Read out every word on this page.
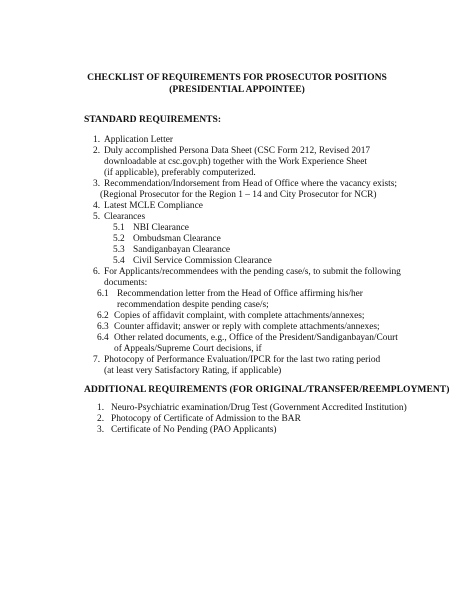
CHECKLIST OF REQUIREMENTS FOR PROSECUTOR POSITIONS
(PRESIDENTIAL APPOINTEE)
STANDARD REQUIREMENTS:
1. Application Letter
2. Duly accomplished Persona Data Sheet (CSC Form 212, Revised 2017
downloadable at csc.gov.ph) together with the Work Experience Sheet
(if applicable), preferably computerized.
3. Recommendation/Indorsement from Head of Office where the vacancy exists;
(Regional Prosecutor for the Region 1 – 14 and City Prosecutor for NCR)
4. Latest MCLE Compliance
5. Clearances
5.1 NBI Clearance
5.2 Ombudsman Clearance
5.3 Sandiganbayan Clearance
5.4 Civil Service Commission Clearance
6. For Applicants/recommendees with the pending case/s, to submit the following
documents:
6.1 Recommendation letter from the Head of Office affirming his/her
recommendation despite pending case/s;
6.2 Copies of affidavit complaint, with complete attachments/annexes;
6.3 Counter affidavit; answer or reply with complete attachments/annexes;
6.4 Other related documents, e.g., Office of the President/Sandiganbayan/Court
of Appeals/Supreme Court decisions, if
7. Photocopy of Performance Evaluation/IPCR for the last two rating period
(at least very Satisfactory Rating, if applicable)
ADDITIONAL REQUIREMENTS (FOR ORIGINAL/TRANSFER/REEMPLOYMENT)
1. Neuro-Psychiatric examination/Drug Test (Government Accredited Institution)
2. Photocopy of Certificate of Admission to the BAR
3. Certificate of No Pending (PAO Applicants)
